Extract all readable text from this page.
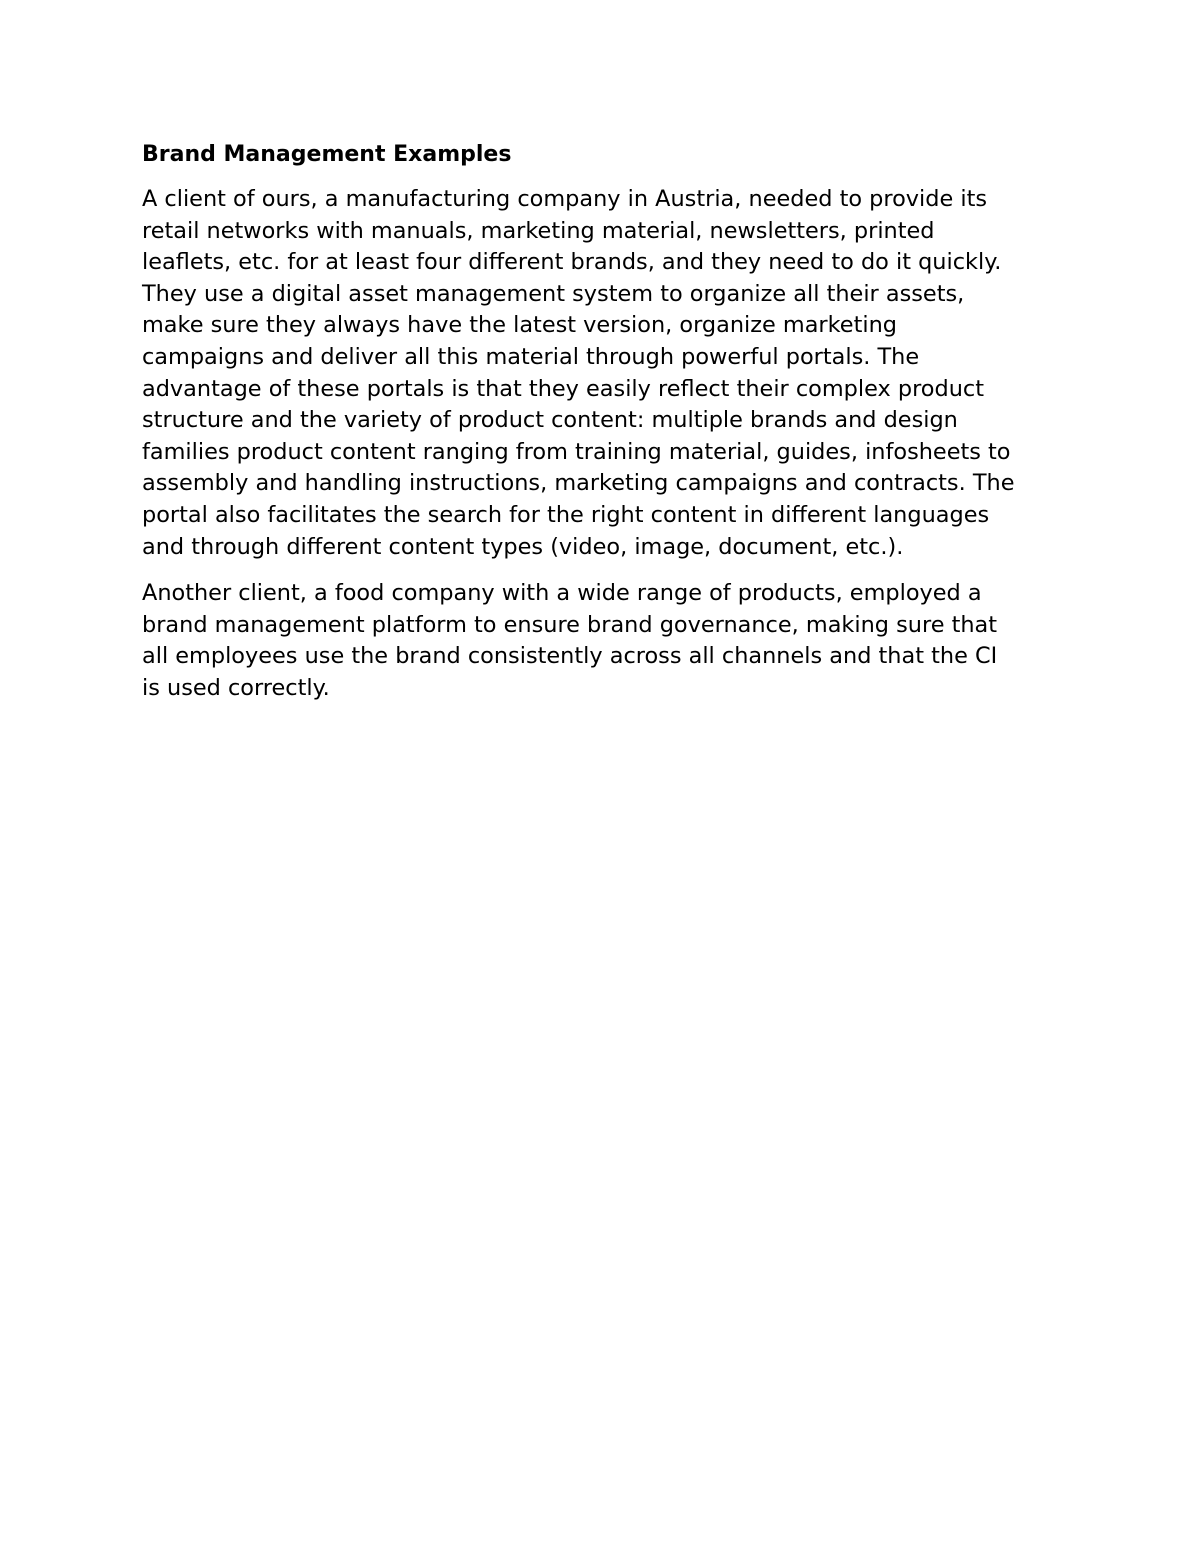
Brand Management Examples

A client of ours, a manufacturing company in Austria, needed to provide its
retail networks with manuals, marketing material, newsletters, printed
leaflets, etc. for at least four different brands, and they need to do it quickly.
They use a digital asset management system to organize all their assets,
make sure they always have the latest version, organize marketing
campaigns and deliver all this material through powerful portals. The
advantage of these portals is that they easily reflect their complex product
structure and the variety of product content: multiple brands and design
families product content ranging from training material, guides, infosheets to
assembly and handling instructions, marketing campaigns and contracts. The
portal also facilitates the search for the right content in different languages
and through different content types (video, image, document, etc.).

Another client, a food company with a wide range of products, employed a
brand management platform to ensure brand governance, making sure that
all employees use the brand consistently across all channels and that the CI
is used correctly.
